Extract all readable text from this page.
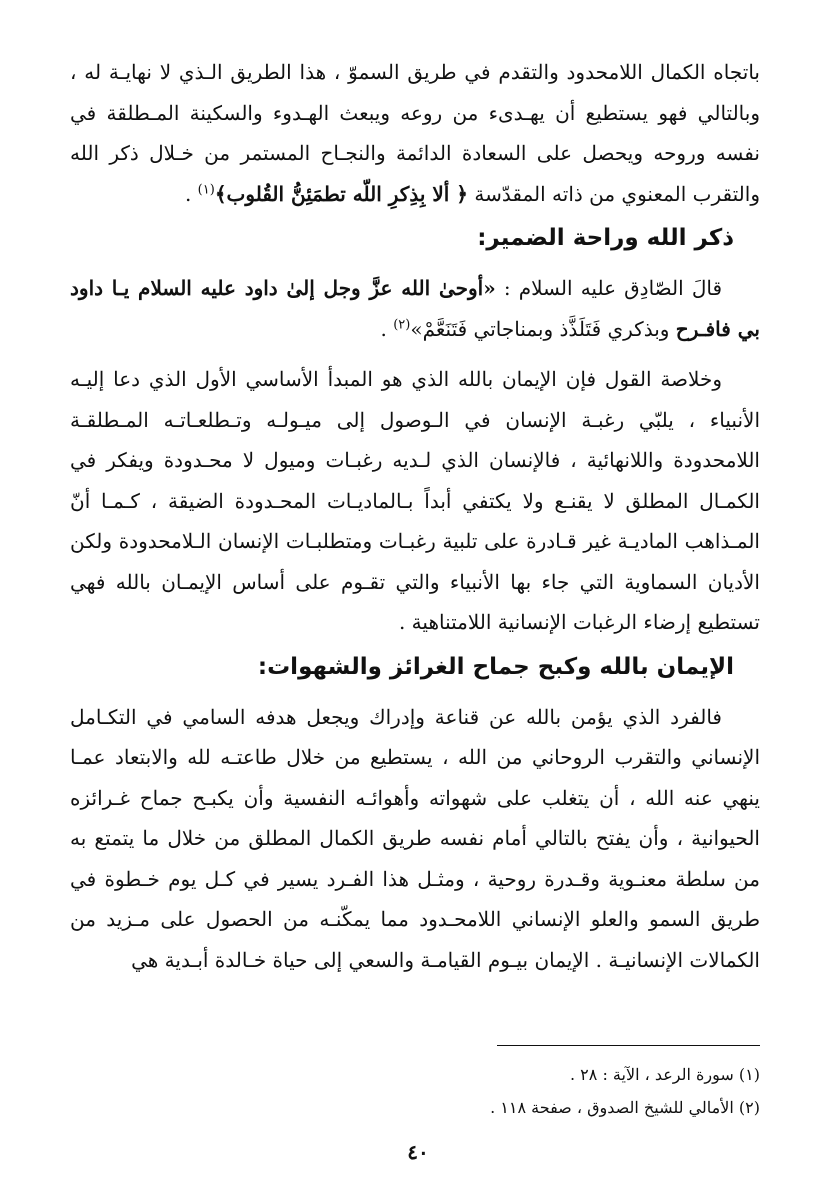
باتجاه الكمال اللامحدود والتقدم في طريق السموّ ، هذا الطريق الـذي لا نهايـة له ، وبالتالي فهو يستطيع أن يهـدىء من روعه ويبعث الهـدوء والسكينة المـطلقة في نفسه وروحه ويحصل على السعادة الدائمة والنجـاح المستمر من خـلال ذكر الله والتقرب المعنوي من ذاته المقدّسة ﴿ ألا بِذِكرِ اللّه تطمَئِنُّ القُلوب﴾$^{(١)}$ .

ذكر الله وراحة الضمير:

قالَ الصّادِق عليه السلام : «أوحىٰ الله عزَّ وجل إلىٰ داود عليه السلام يـا داود بي فافـرح وبذكري فَتَلَذَّذ وبمناجاتي فَتَنَعَّمْ»$^{(٢)}$ .

وخلاصة القول فإن الإيمان بالله الذي هو المبدأ الأساسي الأول الذي دعا إليـه الأنبياء ، يلبّي رغبـة الإنسان في الـوصول إلى ميـولـه وتـطلعـاتـه المـطلقـة اللامحدودة واللانهائية ، فالإنسان الذي لـديه رغبـات وميول لا محـدودة ويفكر في الكمـال المطلق لا يقنـع ولا يكتفي أبداً بـالماديـات المحـدودة الضيقة ، كـمـا أنّ المـذاهب الماديـة غير قـادرة على تلبية رغبـات ومتطلبـات الإنسان الـلامحدودة ولكن الأديان السماوية التي جاء بها الأنبياء والتي تقـوم على أساس الإيمـان بالله فهي تستطيع إرضاء الرغبات الإنسانية اللامتناهية .

الإيمان بالله وكبح جماح الغرائز والشهوات:

فالفرد الذي يؤمن بالله عن قناعة وإدراك ويجعل هدفه السامي في التكـامل الإنساني والتقرب الروحاني من الله ، يستطيع من خلال طاعتـه لله والابتعاد عمـا ينهي عنه الله ، أن يتغلب على شهواته وأهوائـه النفسية وأن يكبـح جماح غـرائزه الحيوانية ، وأن يفتح بالتالي أمام نفسه طريق الكمال المطلق من خلال ما يتمتع به من سلطة معنـوية وقـدرة روحية ، ومثـل هذا الفـرد يسير في كـل يوم خـطوة في طريق السمو والعلو الإنساني اللامحـدود مما يمكّنـه من الحصول على مـزيد من الكمالات الإنسانيـة . الإيمان بيـوم القيامـة والسعي إلى حياة خـالدة أبـدية هي

(١) سورة الرعد ، الآية : ٢٨ .

(٢) الأمالي للشيخ الصدوق ، صفحة ١١٨ .

٤٠
